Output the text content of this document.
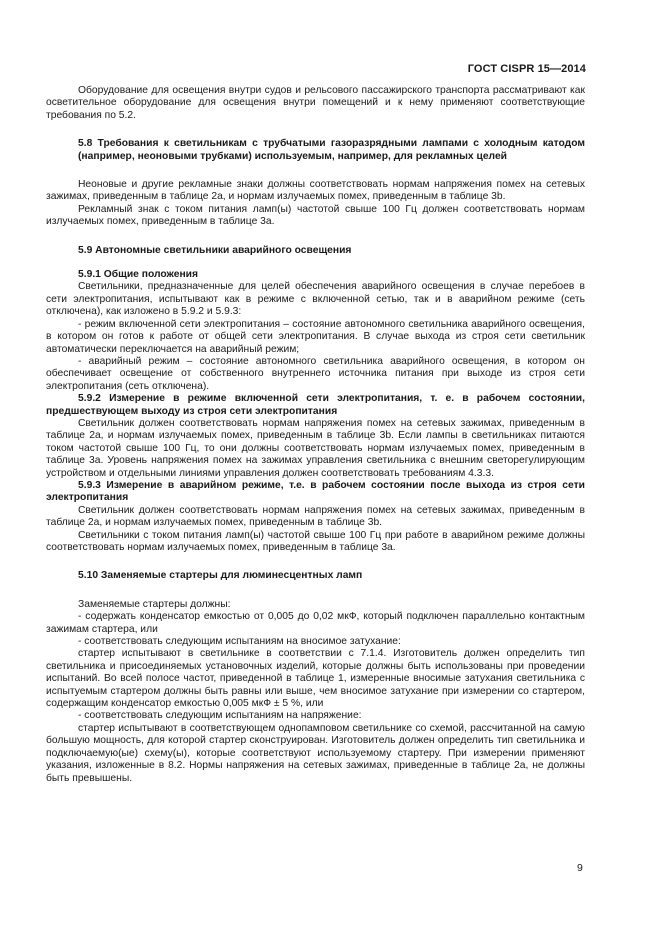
ГОСТ CISPR 15—2014

Оборудование для освещения внутри судов и рельсового пассажирского транспорта рассматривают как осветительное оборудование для освещения внутри помещений и к нему применяют соответствующие требования по 5.2.

5.8 Требования к светильникам с трубчатыми газоразрядными лампами с холодным катодом (например, неоновыми трубками) используемым, например, для рекламных целей

Неоновые и другие рекламные знаки должны соответствовать нормам напряжения помех на сетевых зажимах, приведенным в таблице 2а, и нормам излучаемых помех, приведенным в таблице 3b.

Рекламный знак с током питания ламп(ы) частотой свыше 100 Гц должен соответствовать нормам излучаемых помех, приведенным в таблице 3а.

5.9 Автономные светильники аварийного освещения

5.9.1 Общие положения

Светильники, предназначенные для целей обеспечения аварийного освещения в случае перебоев в сети электропитания, испытывают как в режиме с включенной сетью, так и в аварийном режиме (сеть отключена), как изложено в 5.9.2 и 5.9.3:

- режим включенной сети электропитания – состояние автономного светильника аварийного освещения, в котором он готов к работе от общей сети электропитания. В случае выхода из строя сети светильник автоматически переключается на аварийный режим;

- аварийный режим – состояние автономного светильника аварийного освещения, в котором он обеспечивает освещение от собственного внутреннего источника питания при выходе из строя сети электропитания (сеть отключена).

5.9.2 Измерение в режиме включенной сети электропитания, т. е. в рабочем состоянии, предшествующем выходу из строя сети электропитания

Светильник должен соответствовать нормам напряжения помех на сетевых зажимах, приведенным в таблице 2а, и нормам излучаемых помех, приведенным в таблице 3b. Если лампы в светильниках питаются током частотой свыше 100 Гц, то они должны соответствовать нормам излучаемых помех, приведенным в таблице 3а. Уровень напряжения помех на зажимах управления светильника с внешним светорегулирующим устройством и отдельными линиями управления должен соответствовать требованиям 4.3.3.

5.9.3 Измерение в аварийном режиме, т.е. в рабочем состоянии после выхода из строя сети электропитания

Светильник должен соответствовать нормам напряжения помех на сетевых зажимах, приведенным в таблице 2а, и нормам излучаемых помех, приведенным в таблице 3b.

Светильники с током питания ламп(ы) частотой свыше 100 Гц при работе в аварийном режиме должны соответствовать нормам излучаемых помех, приведенным в таблице 3а.

5.10 Заменяемые стартеры для люминесцентных ламп

Заменяемые стартеры должны:

- содержать конденсатор емкостью от 0,005 до 0,02 мкФ, который подключен параллельно контактным зажимам стартера, или

- соответствовать следующим испытаниям на вносимое затухание:

стартер испытывают в светильнике в соответствии с 7.1.4. Изготовитель должен определить тип светильника и присоединяемых установочных изделий, которые должны быть использованы при проведении испытаний. Во всей полосе частот, приведенной в таблице 1, измеренные вносимые затухания светильника с испытуемым стартером должны быть равны или выше, чем вносимое затухание при измерении со стартером, содержащим конденсатор емкостью 0,005 мкФ ± 5 %, или

- соответствовать следующим испытаниям на напряжение:

стартер испытывают в соответствующем однопамповом светильнике со схемой, рассчитанной на самую большую мощность, для которой стартер сконструирован. Изготовитель должен определить тип светильника и подключаемую(ые) схему(ы), которые соответствуют используемому стартеру. При измерении применяют указания, изложенные в 8.2. Нормы напряжения на сетевых зажимах, приведенные в таблице 2а, не должны быть превышены.

9
